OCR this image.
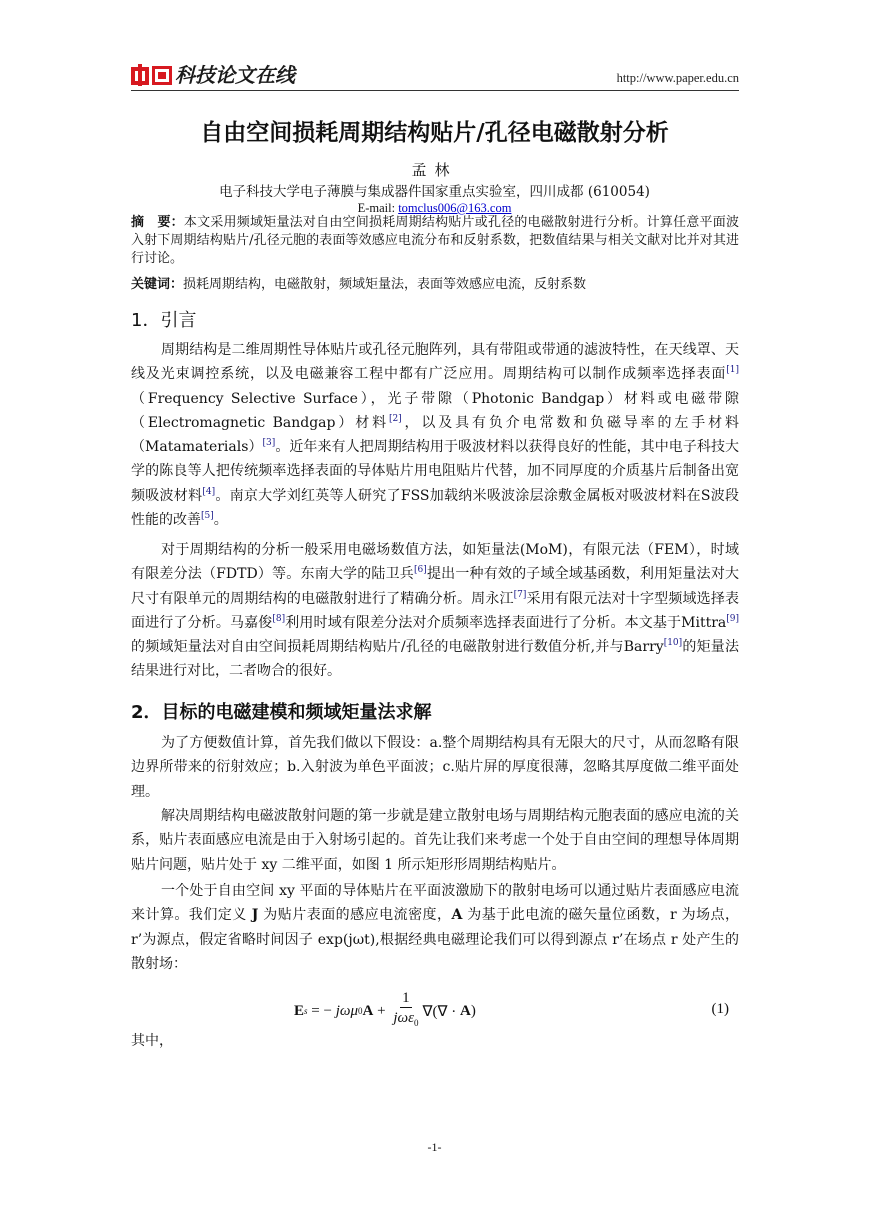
科技论文在线	http://www.paper.edu.cn
自由空间损耗周期结构贴片/孔径电磁散射分析
孟林
电子科技大学电子薄膜与集成器件国家重点实验室，四川成都 (610054)
E-mail: tomclus006@163.com
摘　要：本文采用频域矩量法对自由空间损耗周期结构贴片或孔径的电磁散射进行分析。计算任意平面波入射下周期结构贴片/孔径元胞的表面等效感应电流分布和反射系数，把数值结果与相关文献对比并对其进行讨论。
关键词：损耗周期结构，电磁散射，频域矩量法，表面等效感应电流，反射系数
1．引言
周期结构是二维周期性导体贴片或孔径元胞阵列，具有带阻或带通的滤波特性，在天线罩、天线及光束调控系统，以及电磁兼容工程中都有广泛应用。周期结构可以制作成频率选择表面[1]（Frequency Selective Surface），光子带隙（Photonic Bandgap）材料或电磁带隙（Electromagnetic Bandgap）材料[2]，以及具有负介电常数和负磁导率的左手材料（Matamaterials）[3]。近年来有人把周期结构用于吸波材料以获得良好的性能，其中电子科技大学的陈良等人把传统频率选择表面的导体贴片用电阻贴片代替，加不同厚度的介质基片后制备出宽频吸波材料[4]。南京大学刘红英等人研究了FSS加载纳米吸波涂层涂敷金属板对吸波材料在S波段性能的改善[5]。
对于周期结构的分析一般采用电磁场数值方法，如矩量法(MoM)，有限元法（FEM），时域有限差分法（FDTD）等。东南大学的陆卫兵[6]提出一种有效的子域全域基函数，利用矩量法对大尺寸有限单元的周期结构的电磁散射进行了精确分析。周永江[7]采用有限元法对十字型频域选择表面进行了分析。马嘉俊[8]利用时域有限差分法对介质频率选择表面进行了分析。本文基于Mittra[9]的频域矩量法对自由空间损耗周期结构贴片/孔径的电磁散射进行数值分析,并与Barry[10]的矩量法结果进行对比，二者吻合的很好。
2．目标的电磁建模和频域矩量法求解
为了方便数值计算，首先我们做以下假设：a.整个周期结构具有无限大的尺寸，从而忽略有限边界所带来的衍射效应；b.入射波为单色平面波；c.贴片屏的厚度很薄，忽略其厚度做二维平面处理。
解决周期结构电磁波散射问题的第一步就是建立散射电场与周期结构元胞表面的感应电流的关系，贴片表面感应电流是由于入射场引起的。首先让我们来考虑一个处于自由空间的理想导体周期贴片问题，贴片处于 xy 二维平面，如图 1 所示矩形形周期结构贴片。
一个处于自由空间 xy 平面的导体贴片在平面波激励下的散射电场可以通过贴片表面感应电流来计算。我们定义 J 为贴片表面的感应电流密度，A 为基于此电流的磁矢量位函数，r 为场点，r’为源点，假定省略时间因子 exp(jωt),根据经典电磁理论我们可以得到源点 r’在场点 r 处产生的散射场：
E s = − jωμ 0 $A + \frac{1}{j\omega\varepsilon_0}$ ∇(∇ · A )	(1)
其中，
-1-
